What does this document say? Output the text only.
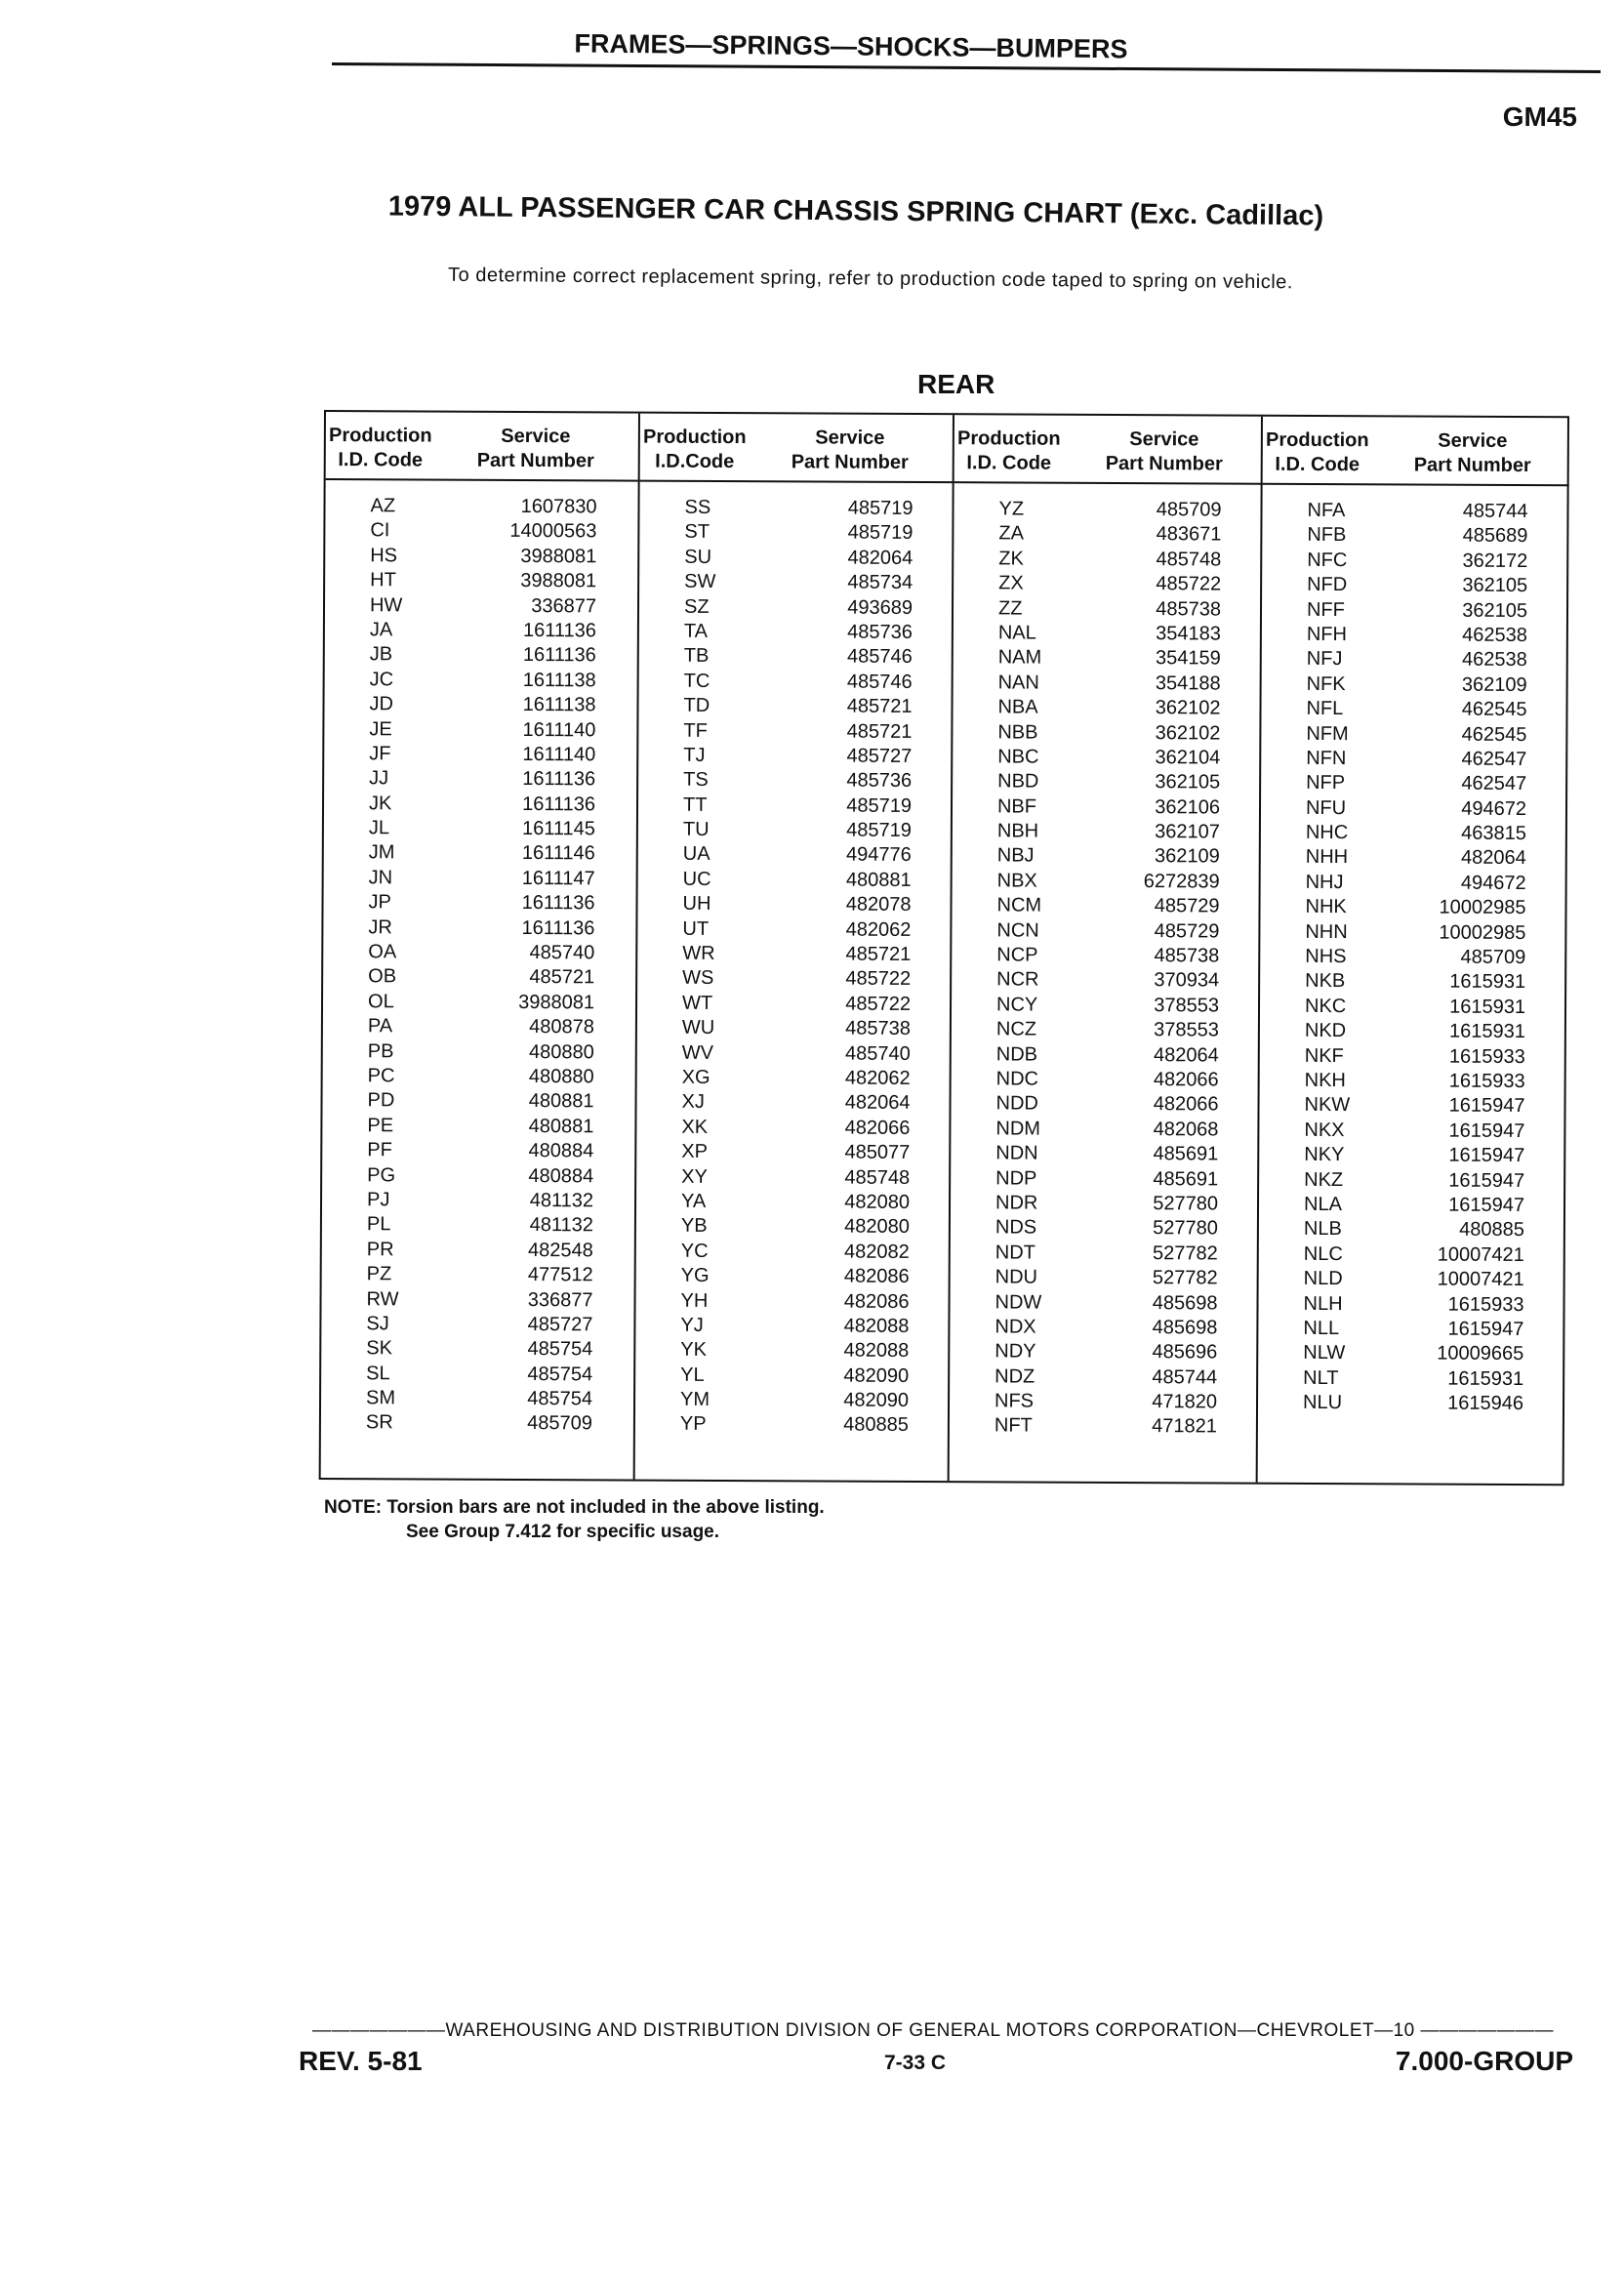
FRAMES—SPRINGS—SHOCKS—BUMPERS
GM45
1979 ALL PASSENGER CAR CHASSIS SPRING CHART (Exc. Cadillac)
To determine correct replacement spring, refer to production code taped to spring on vehicle.
REAR
Production
I.D. Code
Service
Part Number
AZ	1607830
CI	14000563
HS	3988081
HT	3988081
HW	336877
JA	1611136
JB	1611136
JC	1611138
JD	1611138
JE	1611140
JF	1611140
JJ	1611136
JK	1611136
JL	1611145
JM	1611146
JN	1611147
JP	1611136
JR	1611136
OA	485740
OB	485721
OL	3988081
PA	480878
PB	480880
PC	480880
PD	480881
PE	480881
PF	480884
PG	480884
PJ	481132
PL	481132
PR	482548
PZ	477512
RW	336877
SJ	485727
SK	485754
SL	485754
SM	485754
SR	485709
Production
I.D.Code
Service
Part Number
SS	485719
ST	485719
SU	482064
SW	485734
SZ	493689
TA	485736
TB	485746
TC	485746
TD	485721
TF	485721
TJ	485727
TS	485736
TT	485719
TU	485719
UA	494776
UC	480881
UH	482078
UT	482062
WR	485721
WS	485722
WT	485722
WU	485738
WV	485740
XG	482062
XJ	482064
XK	482066
XP	485077
XY	485748
YA	482080
YB	482080
YC	482082
YG	482086
YH	482086
YJ	482088
YK	482088
YL	482090
YM	482090
YP	480885
Production
I.D. Code
Service
Part Number
YZ	485709
ZA	483671
ZK	485748
ZX	485722
ZZ	485738
NAL	354183
NAM	354159
NAN	354188
NBA	362102
NBB	362102
NBC	362104
NBD	362105
NBF	362106
NBH	362107
NBJ	362109
NBX	6272839
NCM	485729
NCN	485729
NCP	485738
NCR	370934
NCY	378553
NCZ	378553
NDB	482064
NDC	482066
NDD	482066
NDM	482068
NDN	485691
NDP	485691
NDR	527780
NDS	527780
NDT	527782
NDU	527782
NDW	485698
NDX	485698
NDY	485696
NDZ	485744
NFS	471820
NFT	471821
Production
I.D. Code
Service
Part Number
NFA	485744
NFB	485689
NFC	362172
NFD	362105
NFF	362105
NFH	462538
NFJ	462538
NFK	362109
NFL	462545
NFM	462545
NFN	462547
NFP	462547
NFU	494672
NHC	463815
NHH	482064
NHJ	494672
NHK	10002985
NHN	10002985
NHS	485709
NKB	1615931
NKC	1615931
NKD	1615931
NKF	1615933
NKH	1615933
NKW	1615947
NKX	1615947
NKY	1615947
NKZ	1615947
NLA	1615947
NLB	480885
NLC	10007421
NLD	10007421
NLH	1615933
NLL	1615947
NLW	10009665
NLT	1615931
NLU	1615946
NOTE: Torsion bars are not included in the above listing.
See Group 7.412 for specific usage.
———————WAREHOUSING AND DISTRIBUTION DIVISION OF GENERAL MOTORS CORPORATION—CHEVROLET—10 ———————
REV. 5-81	7-33 C	7.000-GROUP
